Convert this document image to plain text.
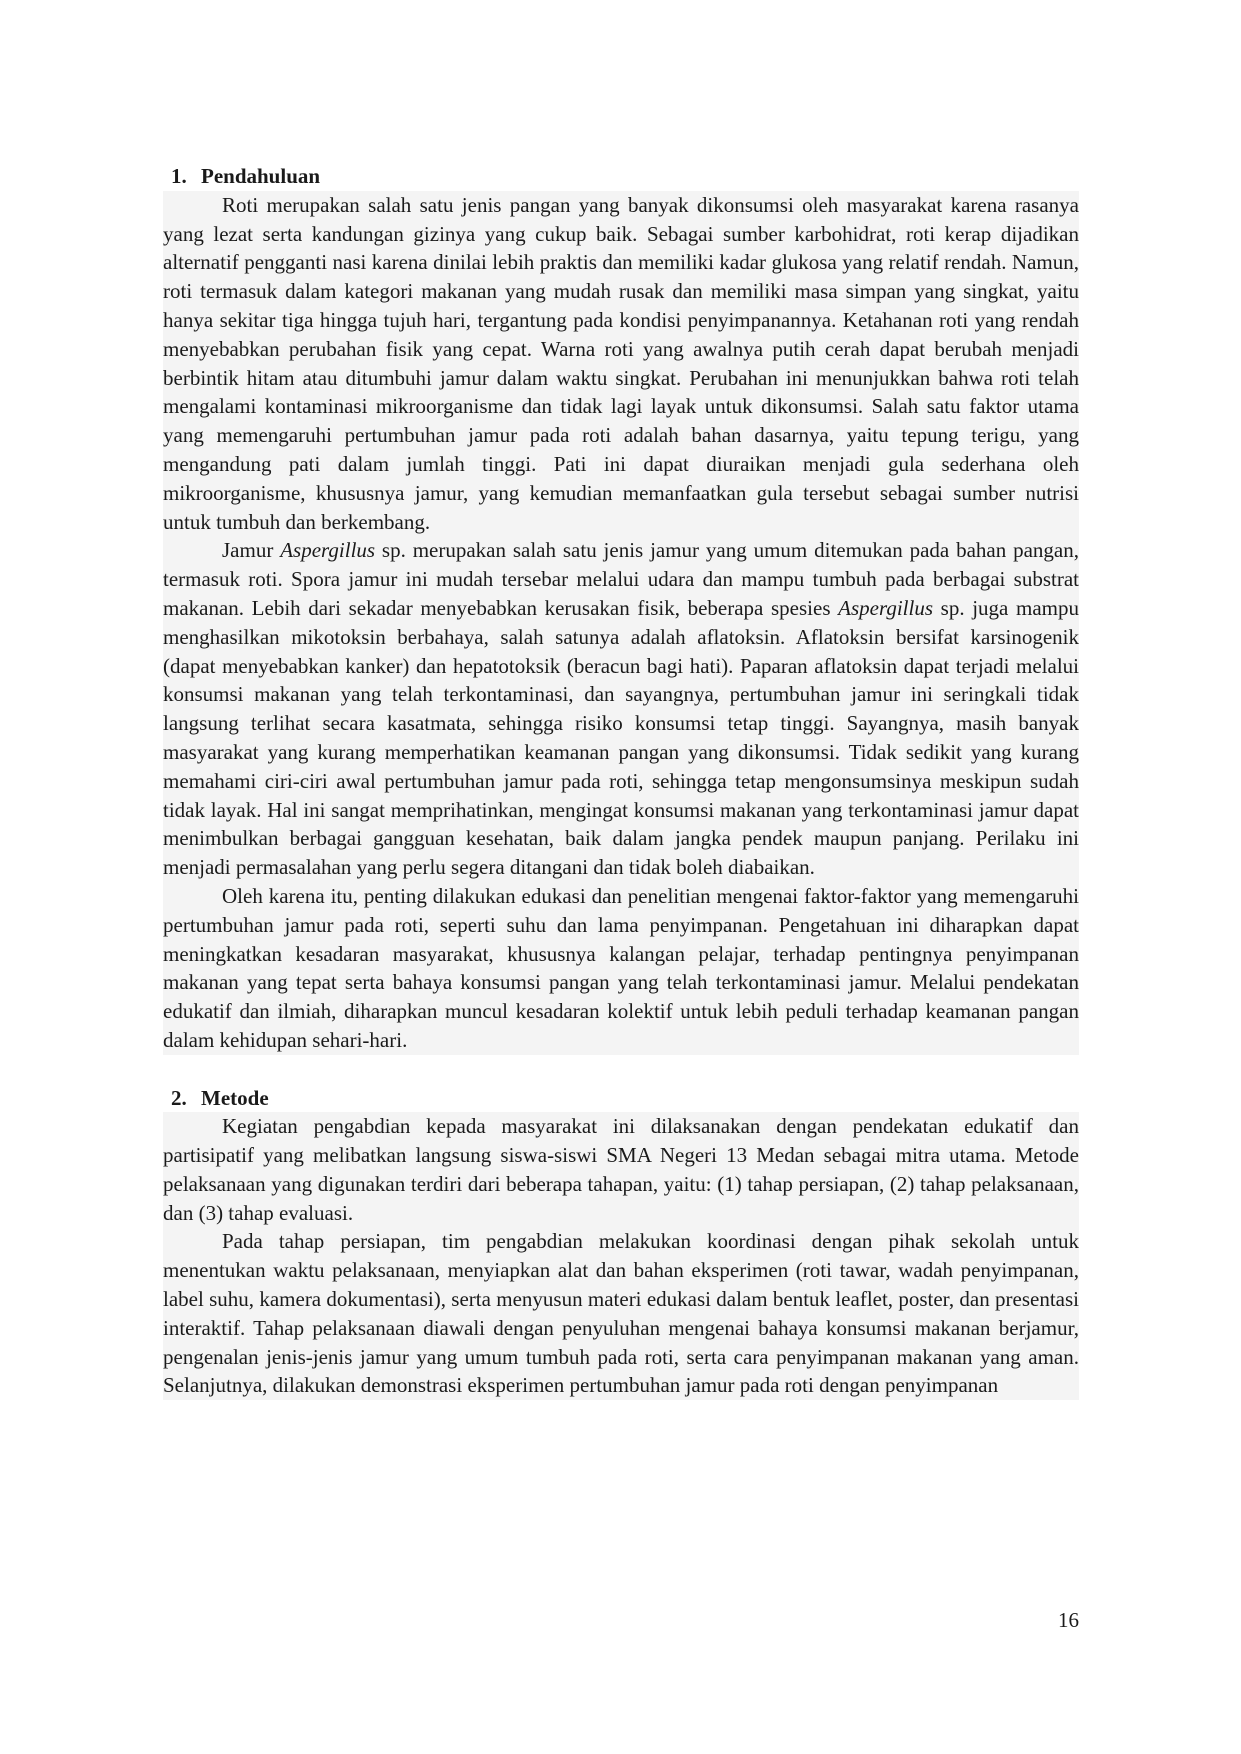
1. Pendahuluan

Roti merupakan salah satu jenis pangan yang banyak dikonsumsi oleh masyarakat karena rasanya yang lezat serta kandungan gizinya yang cukup baik. Sebagai sumber karbohidrat, roti kerap dijadikan alternatif pengganti nasi karena dinilai lebih praktis dan memiliki kadar glukosa yang relatif rendah. Namun, roti termasuk dalam kategori makanan yang mudah rusak dan memiliki masa simpan yang singkat, yaitu hanya sekitar tiga hingga tujuh hari, tergantung pada kondisi penyimpanannya. Ketahanan roti yang rendah menyebabkan perubahan fisik yang cepat. Warna roti yang awalnya putih cerah dapat berubah menjadi berbintik hitam atau ditumbuhi jamur dalam waktu singkat. Perubahan ini menunjukkan bahwa roti telah mengalami kontaminasi mikroorganisme dan tidak lagi layak untuk dikonsumsi. Salah satu faktor utama yang memengaruhi pertumbuhan jamur pada roti adalah bahan dasarnya, yaitu tepung terigu, yang mengandung pati dalam jumlah tinggi. Pati ini dapat diuraikan menjadi gula sederhana oleh mikroorganisme, khususnya jamur, yang kemudian memanfaatkan gula tersebut sebagai sumber nutrisi untuk tumbuh dan berkembang.

Jamur Aspergillus sp. merupakan salah satu jenis jamur yang umum ditemukan pada bahan pangan, termasuk roti. Spora jamur ini mudah tersebar melalui udara dan mampu tumbuh pada berbagai substrat makanan. Lebih dari sekadar menyebabkan kerusakan fisik, beberapa spesies Aspergillus sp. juga mampu menghasilkan mikotoksin berbahaya, salah satunya adalah aflatoksin. Aflatoksin bersifat karsinogenik (dapat menyebabkan kanker) dan hepatotoksik (beracun bagi hati). Paparan aflatoksin dapat terjadi melalui konsumsi makanan yang telah terkontaminasi, dan sayangnya, pertumbuhan jamur ini seringkali tidak langsung terlihat secara kasatmata, sehingga risiko konsumsi tetap tinggi. Sayangnya, masih banyak masyarakat yang kurang memperhatikan keamanan pangan yang dikonsumsi. Tidak sedikit yang kurang memahami ciri-ciri awal pertumbuhan jamur pada roti, sehingga tetap mengonsumsinya meskipun sudah tidak layak. Hal ini sangat memprihatinkan, mengingat konsumsi makanan yang terkontaminasi jamur dapat menimbulkan berbagai gangguan kesehatan, baik dalam jangka pendek maupun panjang. Perilaku ini menjadi permasalahan yang perlu segera ditangani dan tidak boleh diabaikan.

Oleh karena itu, penting dilakukan edukasi dan penelitian mengenai faktor-faktor yang memengaruhi pertumbuhan jamur pada roti, seperti suhu dan lama penyimpanan. Pengetahuan ini diharapkan dapat meningkatkan kesadaran masyarakat, khususnya kalangan pelajar, terhadap pentingnya penyimpanan makanan yang tepat serta bahaya konsumsi pangan yang telah terkontaminasi jamur. Melalui pendekatan edukatif dan ilmiah, diharapkan muncul kesadaran kolektif untuk lebih peduli terhadap keamanan pangan dalam kehidupan sehari-hari.

2. Metode

Kegiatan pengabdian kepada masyarakat ini dilaksanakan dengan pendekatan edukatif dan partisipatif yang melibatkan langsung siswa-siswi SMA Negeri 13 Medan sebagai mitra utama. Metode pelaksanaan yang digunakan terdiri dari beberapa tahapan, yaitu: (1) tahap persiapan, (2) tahap pelaksanaan, dan (3) tahap evaluasi.

Pada tahap persiapan, tim pengabdian melakukan koordinasi dengan pihak sekolah untuk menentukan waktu pelaksanaan, menyiapkan alat dan bahan eksperimen (roti tawar, wadah penyimpanan, label suhu, kamera dokumentasi), serta menyusun materi edukasi dalam bentuk leaflet, poster, dan presentasi interaktif. Tahap pelaksanaan diawali dengan penyuluhan mengenai bahaya konsumsi makanan berjamur, pengenalan jenis-jenis jamur yang umum tumbuh pada roti, serta cara penyimpanan makanan yang aman. Selanjutnya, dilakukan demonstrasi eksperimen pertumbuhan jamur pada roti dengan penyimpanan

16
